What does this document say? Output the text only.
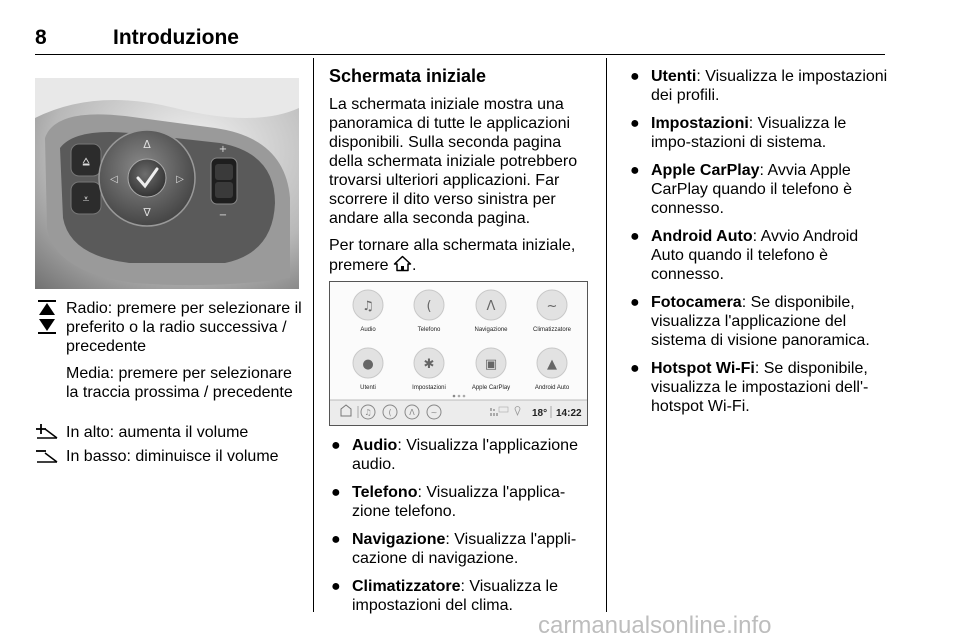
8	Introduzione
⩠
⩡
Δ
∇
◁	▷
+
−
Radio: premere per selezionare il preferito o la radio successiva / precedente
Media: premere per selezionare la traccia prossima / precedente
In alto: aumenta il volume
In basso: diminuisce il volume
Schermata iniziale

La schermata iniziale mostra una panoramica di tutte le applicazioni disponibili. Sulla seconda pagina della schermata iniziale potrebbero trovarsi ulteriori applicazioni. Far scorrere il dito verso sinistra per andare alla seconda pagina.

Per tornare alla schermata iniziale, premere .

♫
Audio
(
Telefono
Λ
Navigazione
~
Climatizzatore
●
Utenti
✱
Impostazioni
▣
Apple CarPlay
▲
Android Auto
♫ ( Λ ~	18° 14:22
● Audio: Visualizza l'applicazione audio.
● Telefono: Visualizza l'applica-zione telefono.
● Navigazione: Visualizza l'appli-cazione di navigazione.
● Climatizzatore: Visualizza le impostazioni del clima.
● Utenti: Visualizza le impostazioni dei profili.
● Impostazioni: Visualizza le impo-stazioni di sistema.
● Apple CarPlay: Avvia Apple CarPlay quando il telefono è connesso.
● Android Auto: Avvio Android Auto quando il telefono è connesso.
● Fotocamera: Se disponibile, visualizza l'applicazione del sistema di visione panoramica.
● Hotspot Wi-Fi: Se disponibile, visualizza le impostazioni dell'-hotspot Wi-Fi.
carmanualsonline.info
